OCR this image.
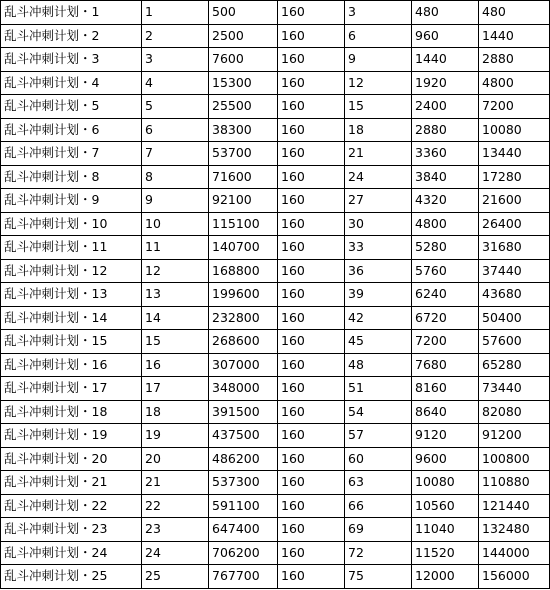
乱斗冲刺计划・1	1	500	160	3	480	480
乱斗冲刺计划・2	2	2500	160	6	960	1440
乱斗冲刺计划・3	3	7600	160	9	1440	2880
乱斗冲刺计划・4	4	15300	160	12	1920	4800
乱斗冲刺计划・5	5	25500	160	15	2400	7200
乱斗冲刺计划・6	6	38300	160	18	2880	10080
乱斗冲刺计划・7	7	53700	160	21	3360	13440
乱斗冲刺计划・8	8	71600	160	24	3840	17280
乱斗冲刺计划・9	9	92100	160	27	4320	21600
乱斗冲刺计划・10	10	115100	160	30	4800	26400
乱斗冲刺计划・11	11	140700	160	33	5280	31680
乱斗冲刺计划・12	12	168800	160	36	5760	37440
乱斗冲刺计划・13	13	199600	160	39	6240	43680
乱斗冲刺计划・14	14	232800	160	42	6720	50400
乱斗冲刺计划・15	15	268600	160	45	7200	57600
乱斗冲刺计划・16	16	307000	160	48	7680	65280
乱斗冲刺计划・17	17	348000	160	51	8160	73440
乱斗冲刺计划・18	18	391500	160	54	8640	82080
乱斗冲刺计划・19	19	437500	160	57	9120	91200
乱斗冲刺计划・20	20	486200	160	60	9600	100800
乱斗冲刺计划・21	21	537300	160	63	10080	110880
乱斗冲刺计划・22	22	591100	160	66	10560	121440
乱斗冲刺计划・23	23	647400	160	69	11040	132480
乱斗冲刺计划・24	24	706200	160	72	11520	144000
乱斗冲刺计划・25	25	767700	160	75	12000	156000
